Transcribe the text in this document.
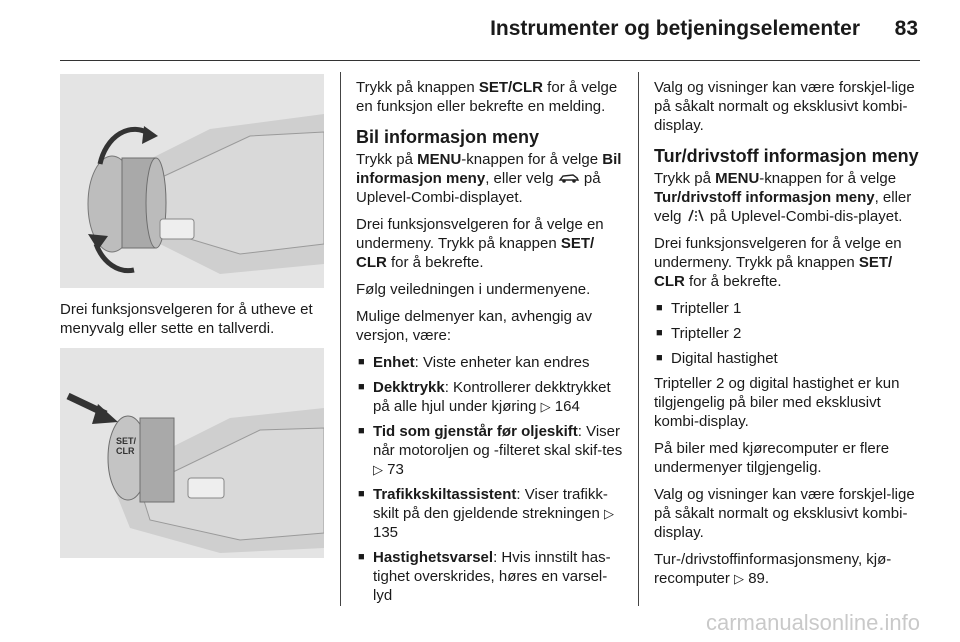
Instrumenter og betjeningselementer 83
Drei funksjonsvelgeren for å utheve et menyvalg eller sette en tallverdi.
SET/
CLR

Trykk på knappen SET/CLR for å velge en funksjon eller bekrefte en melding.

Bil informasjon meny

Trykk på MENU-knappen for å velge Bil informasjon meny, eller velg på Uplevel-Combi-displayet.

Drei funksjonsvelgeren for å velge en undermeny. Trykk på knappen SET/ CLR for å bekrefte.

Følg veiledningen i undermenyene.

Mulige delmenyer kan, avhengig av versjon, være:

■ Enhet: Viste enheter kan endres
■ Dekktrykk: Kontrollerer dekktrykket på alle hjul under kjøring ▷ 164
■ Tid som gjenstår før oljeskift: Viser når motoroljen og -filteret skal skif-tes ▷ 73
■ Trafikkskiltassistent: Viser trafikk-skilt på den gjeldende strekningen ▷ 135
■ Hastighetsvarsel: Hvis innstilt has-tighet overskrides, høres en varsel-lyd

Valg og visninger kan være forskjel-lige på såkalt normalt og eksklusivt kombi-display.

Tur/drivstoff informasjon meny

Trykk på MENU-knappen for å velge Tur/drivstoff informasjon meny, eller velg på Uplevel-Combi-dis-playet.

Drei funksjonsvelgeren for å velge en undermeny. Trykk på knappen SET/ CLR for å bekrefte.

■ Tripteller 1
■ Tripteller 2
■ Digital hastighet

Tripteller 2 og digital hastighet er kun tilgjengelig på biler med eksklusivt kombi-display.

På biler med kjørecomputer er flere undermenyer tilgjengelig.

Valg og visninger kan være forskjel-lige på såkalt normalt og eksklusivt kombi-display.

Tur-/drivstoffinformasjonsmeny, kjø-recomputer ▷ 89.

carmanualsonline.info
